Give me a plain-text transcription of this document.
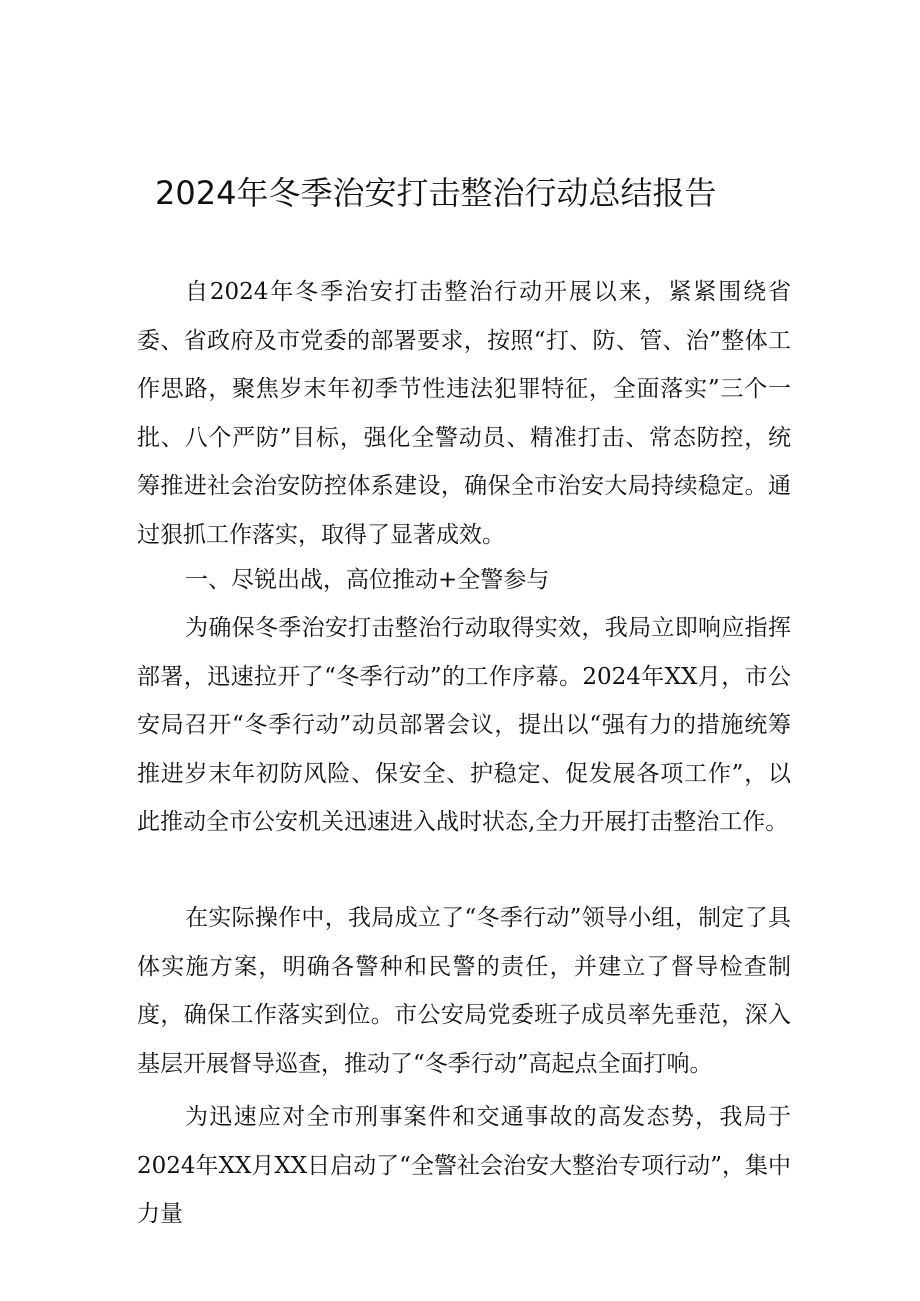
2024年冬季治安打击整治行动总结报告

自2024年冬季治安打击整治行动开展以来，紧紧围绕省委、省政府及市党委的部署要求，按照“打、防、管、治”整体工作思路，聚焦岁末年初季节性违法犯罪特征，全面落实”三个一批、八个严防”目标，强化全警动员、精准打击、常态防控，统筹推进社会治安防控体系建设，确保全市治安大局持续稳定。通过狠抓工作落实，取得了显著成效。

一、尽锐出战，高位推动+全警参与

为确保冬季治安打击整治行动取得实效，我局立即响应指挥部署，迅速拉开了“冬季行动”的工作序幕。2024年XX月，市公安局召开“冬季行动”动员部署会议，提出以“强有力的措施统筹推进岁末年初防风险、保安全、护稳定、促发展各项工作”，以此推动全市公安机关迅速进入战时状态,全力开展打击整治工作。

在实际操作中，我局成立了“冬季行动”领导小组，制定了具体实施方案，明确各警种和民警的责任，并建立了督导检查制度，确保工作落实到位。市公安局党委班子成员率先垂范，深入基层开展督导巡查，推动了“冬季行动”高起点全面打响。

为迅速应对全市刑事案件和交通事故的高发态势，我局于2024年XX月XX日启动了“全警社会治安大整治专项行动”，集中力量
